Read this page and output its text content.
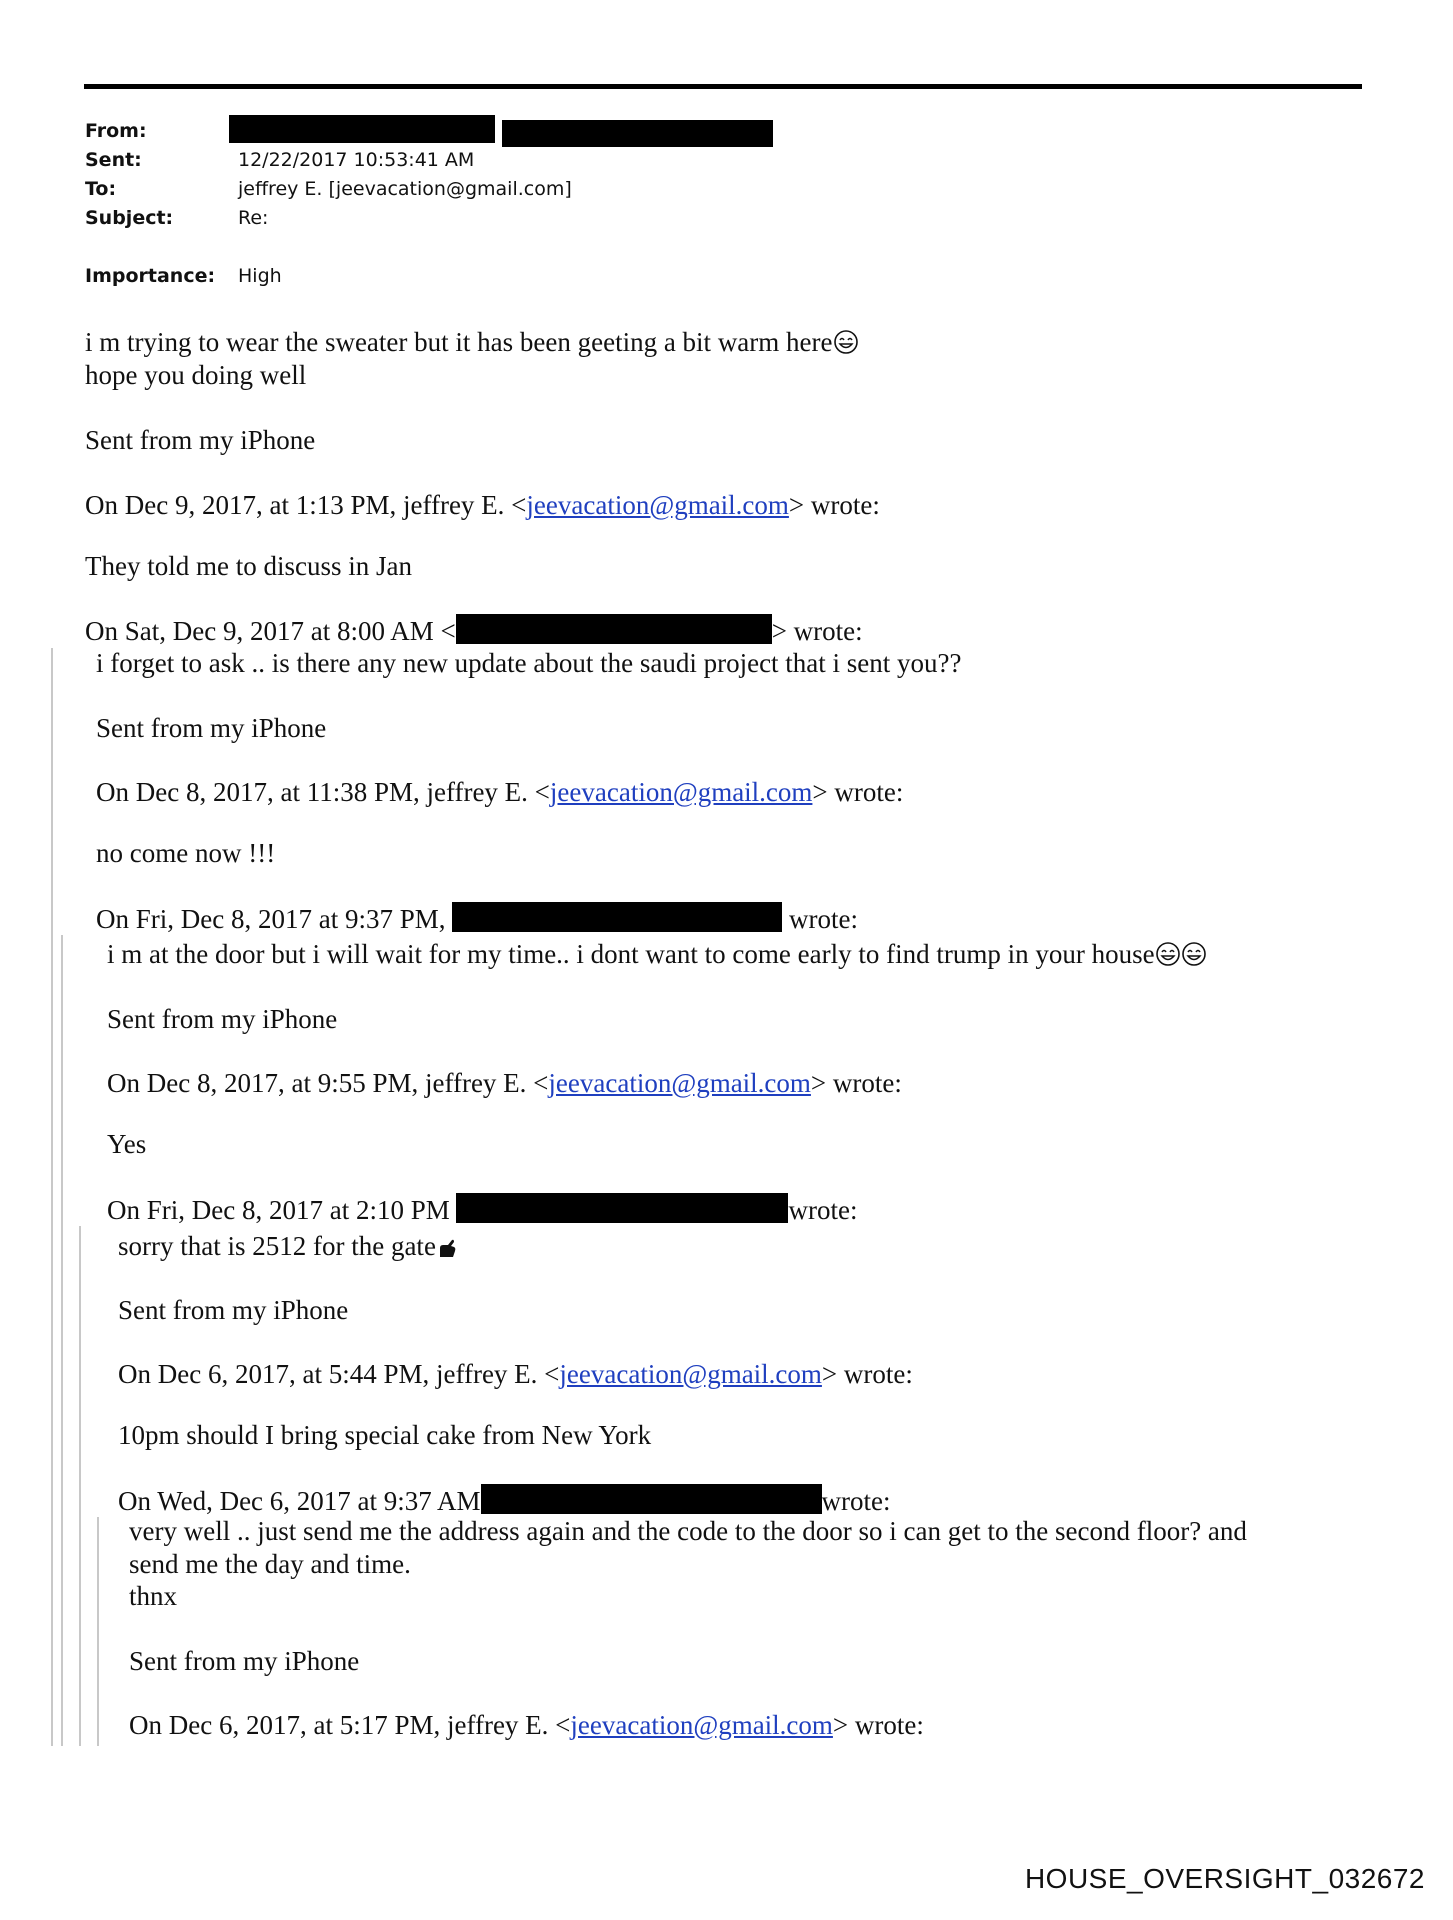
From:
Sent:	12/22/2017 10:53:41 AM
To:	jeffrey E. [jeevacation@gmail.com]
Subject:	Re:
Importance: High
i m trying to wear the sweater but it has been geeting a bit warm here
hope you doing well
Sent from my iPhone
On Dec 9, 2017, at 1:13 PM, jeffrey E. <jeevacation@gmail.com> wrote:
They told me to discuss in Jan
On Sat, Dec 9, 2017 at 8:00 AM <	> wrote:
i forget to ask .. is there any new update about the saudi project that i sent you??
Sent from my iPhone
On Dec 8, 2017, at 11:38 PM, jeffrey E. <jeevacation@gmail.com> wrote:
no come now !!!
On Fri, Dec 8, 2017 at 9:37 PM,	wrote:
i m at the door but i will wait for my time.. i dont want to come early to find trump in your house
Sent from my iPhone
On Dec 8, 2017, at 9:55 PM, jeffrey E. <jeevacation@gmail.com> wrote:
Yes
On Fri, Dec 8, 2017 at 2:10 PM	wrote:
sorry that is 2512 for the gate
Sent from my iPhone
On Dec 6, 2017, at 5:44 PM, jeffrey E. <jeevacation@gmail.com> wrote:
10pm should I bring special cake from New York
On Wed, Dec 6, 2017 at 9:37 AM	wrote:
very well .. just send me the address again and the code to the door so i can get to the second floor? and
send me the day and time.
thnx
Sent from my iPhone
On Dec 6, 2017, at 5:17 PM, jeffrey E. <jeevacation@gmail.com> wrote:
HOUSE_OVERSIGHT_032672
